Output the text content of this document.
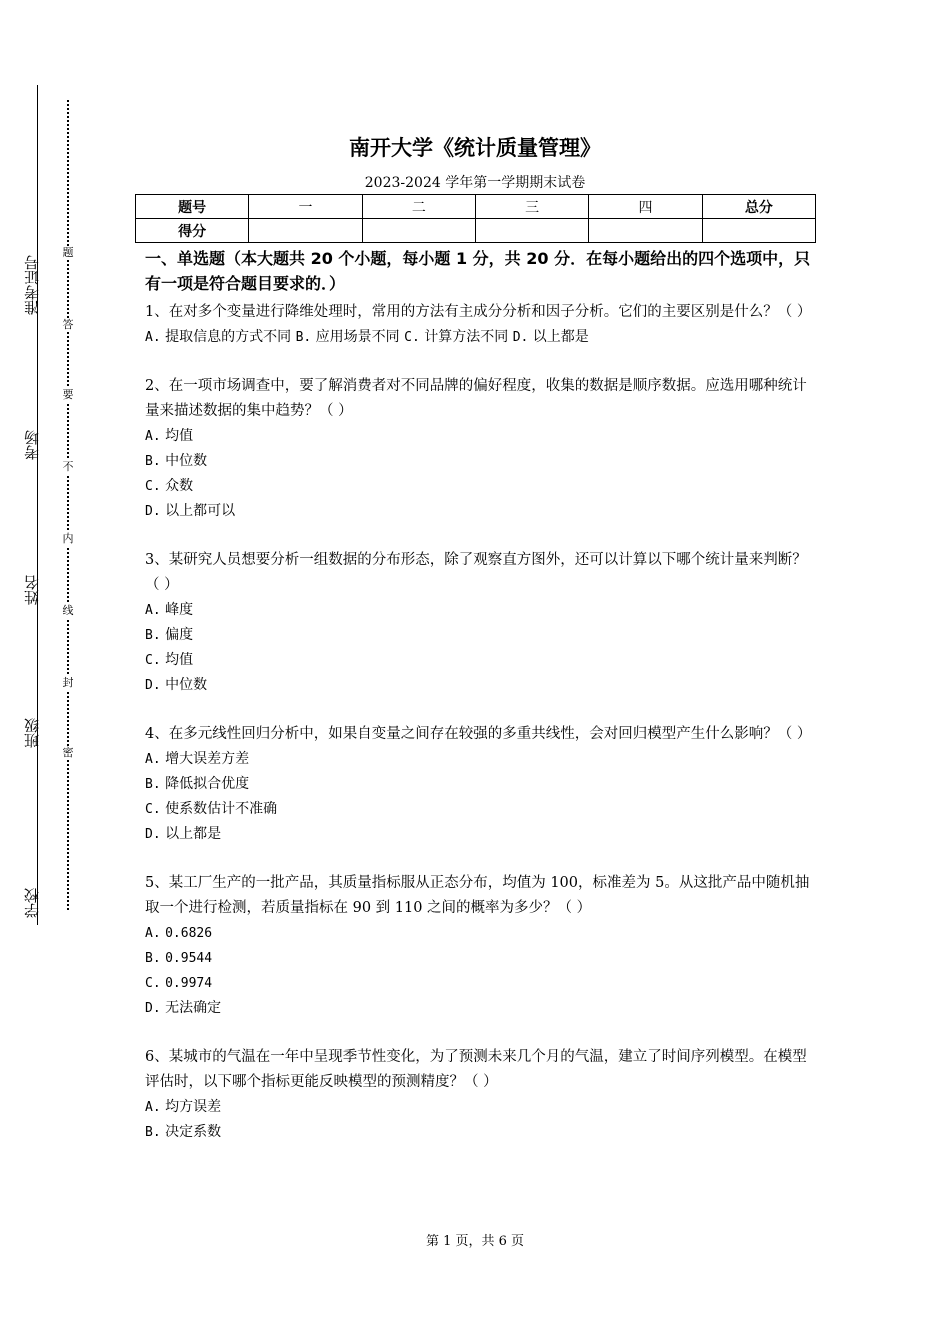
准考证号
考场
姓名
班级
学校
题
答
要
不
内
线
封
密
南开大学《统计质量管理》
2023-2024 学年第一学期期末试卷
题号	一	二	三	四	总分
得分					

一、单选题（本大题共 20 个小题，每小题 1 分，共 20 分．在每小题给出的四个选项中，只有一项是符合题目要求的．）

1、在对多个变量进行降维处理时，常用的方法有主成分分析和因子分析。它们的主要区别是什么？（ ）

A. 提取信息的方式不同 B. 应用场景不同 C. 计算方法不同 D. 以上都是

2、在一项市场调查中，要了解消费者对不同品牌的偏好程度，收集的数据是顺序数据。应选用哪种统计量来描述数据的集中趋势？（ ）

A. 均值
B. 中位数
C. 众数
D. 以上都可以

3、某研究人员想要分析一组数据的分布形态，除了观察直方图外，还可以计算以下哪个统计量来判断？（ ）

A. 峰度
B. 偏度
C. 均值
D. 中位数

4、在多元线性回归分析中，如果自变量之间存在较强的多重共线性，会对回归模型产生什么影响？（ ）

A. 增大误差方差
B. 降低拟合优度
C. 使系数估计不准确
D. 以上都是

5、某工厂生产的一批产品，其质量指标服从正态分布，均值为 100，标准差为 5。从这批产品中随机抽取一个进行检测，若质量指标在 90 到 110 之间的概率为多少？（ ）

A. 0.6826
B. 0.9544
C. 0.9974
D. 无法确定

6、某城市的气温在一年中呈现季节性变化，为了预测未来几个月的气温，建立了时间序列模型。在模型评估时，以下哪个指标更能反映模型的预测精度？（ ）

A. 均方误差
B. 决定系数
第 1 页，共 6 页
